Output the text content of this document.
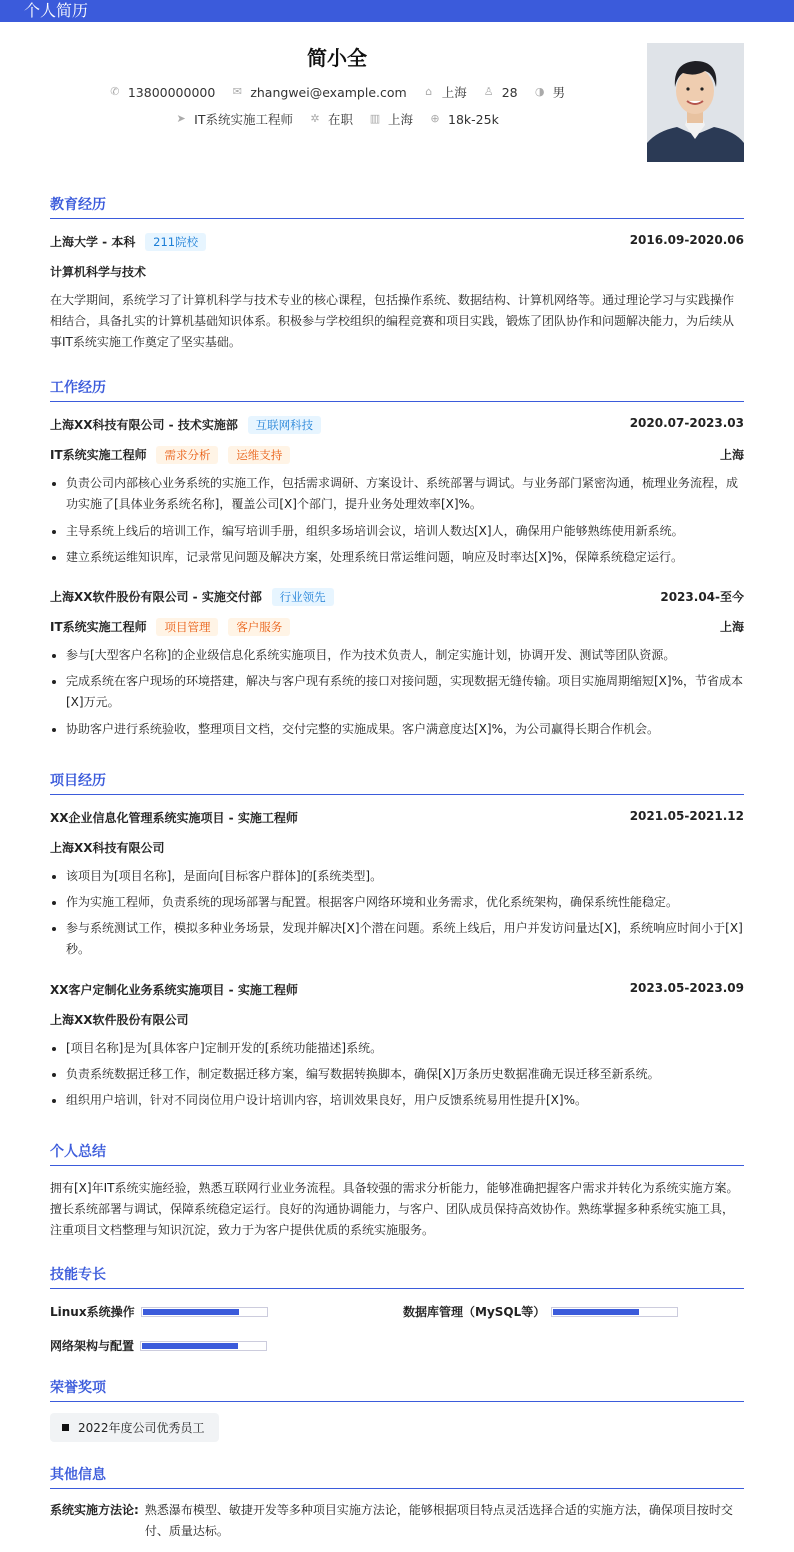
个人简历
简小全
✆ 13800000000 ✉ zhangwei@example.com ⌂ 上海 ♙ 28 ◑ 男
➤ IT系统实施工程师 ✲ 在职 ▥ 上海 ⊕ 18k-25k
教育经历
上海大学 - 本科 211院校	2016.09-2020.06
计算机科学与技术
在大学期间，系统学习了计算机科学与技术专业的核心课程，包括操作系统、数据结构、计算机网络等。通过理论学习与实践操作相结合，具备扎实的计算机基础知识体系。积极参与学校组织的编程竞赛和项目实践，锻炼了团队协作和问题解决能力，为后续从事IT系统实施工作奠定了坚实基础。
工作经历
上海XX科技有限公司 - 技术实施部 互联网科技	2020.07-2023.03
IT系统实施工程师 需求分析 运维支持	上海
负责公司内部核心业务系统的实施工作，包括需求调研、方案设计、系统部署与调试。与业务部门紧密沟通，梳理业务流程，成功实施了[具体业务系统名称]，覆盖公司[X]个部门，提升业务处理效率[X]%。
主导系统上线后的培训工作，编写培训手册，组织多场培训会议，培训人数达[X]人，确保用户能够熟练使用新系统。
建立系统运维知识库，记录常见问题及解决方案，处理系统日常运维问题，响应及时率达[X]%，保障系统稳定运行。
上海XX软件股份有限公司 - 实施交付部 行业领先	2023.04-至今
IT系统实施工程师 项目管理 客户服务	上海
参与[大型客户名称]的企业级信息化系统实施项目，作为技术负责人，制定实施计划，协调开发、测试等团队资源。
完成系统在客户现场的环境搭建，解决与客户现有系统的接口对接问题，实现数据无缝传输。项目实施周期缩短[X]%，节省成本[X]万元。
协助客户进行系统验收，整理项目文档，交付完整的实施成果。客户满意度达[X]%，为公司赢得长期合作机会。
项目经历
XX企业信息化管理系统实施项目 - 实施工程师	2021.05-2021.12
上海XX科技有限公司
该项目为[项目名称]，是面向[目标客户群体]的[系统类型]。
作为实施工程师，负责系统的现场部署与配置。根据客户网络环境和业务需求，优化系统架构，确保系统性能稳定。
参与系统测试工作，模拟多种业务场景，发现并解决[X]个潜在问题。系统上线后，用户并发访问量达[X]，系统响应时间小于[X]秒。
XX客户定制化业务系统实施项目 - 实施工程师	2023.05-2023.09
上海XX软件股份有限公司
[项目名称]是为[具体客户]定制开发的[系统功能描述]系统。
负责系统数据迁移工作，制定数据迁移方案，编写数据转换脚本，确保[X]万条历史数据准确无误迁移至新系统。
组织用户培训，针对不同岗位用户设计培训内容，培训效果良好，用户反馈系统易用性提升[X]%。
个人总结
拥有[X]年IT系统实施经验，熟悉互联网行业业务流程。具备较强的需求分析能力，能够准确把握客户需求并转化为系统实施方案。擅长系统部署与调试，保障系统稳定运行。良好的沟通协调能力，与客户、团队成员保持高效协作。熟练掌握多种系统实施工具，注重项目文档整理与知识沉淀，致力于为客户提供优质的系统实施服务。
技能专长
Linux系统操作	数据库管理（MySQL等）
网络架构与配置
荣誉奖项
2022年度公司优秀员工
其他信息
系统实施方法论: 熟悉瀑布模型、敏捷开发等多种项目实施方法论，能够根据项目特点灵活选择合适的实施方法，确保项目按时交付、质量达标。
